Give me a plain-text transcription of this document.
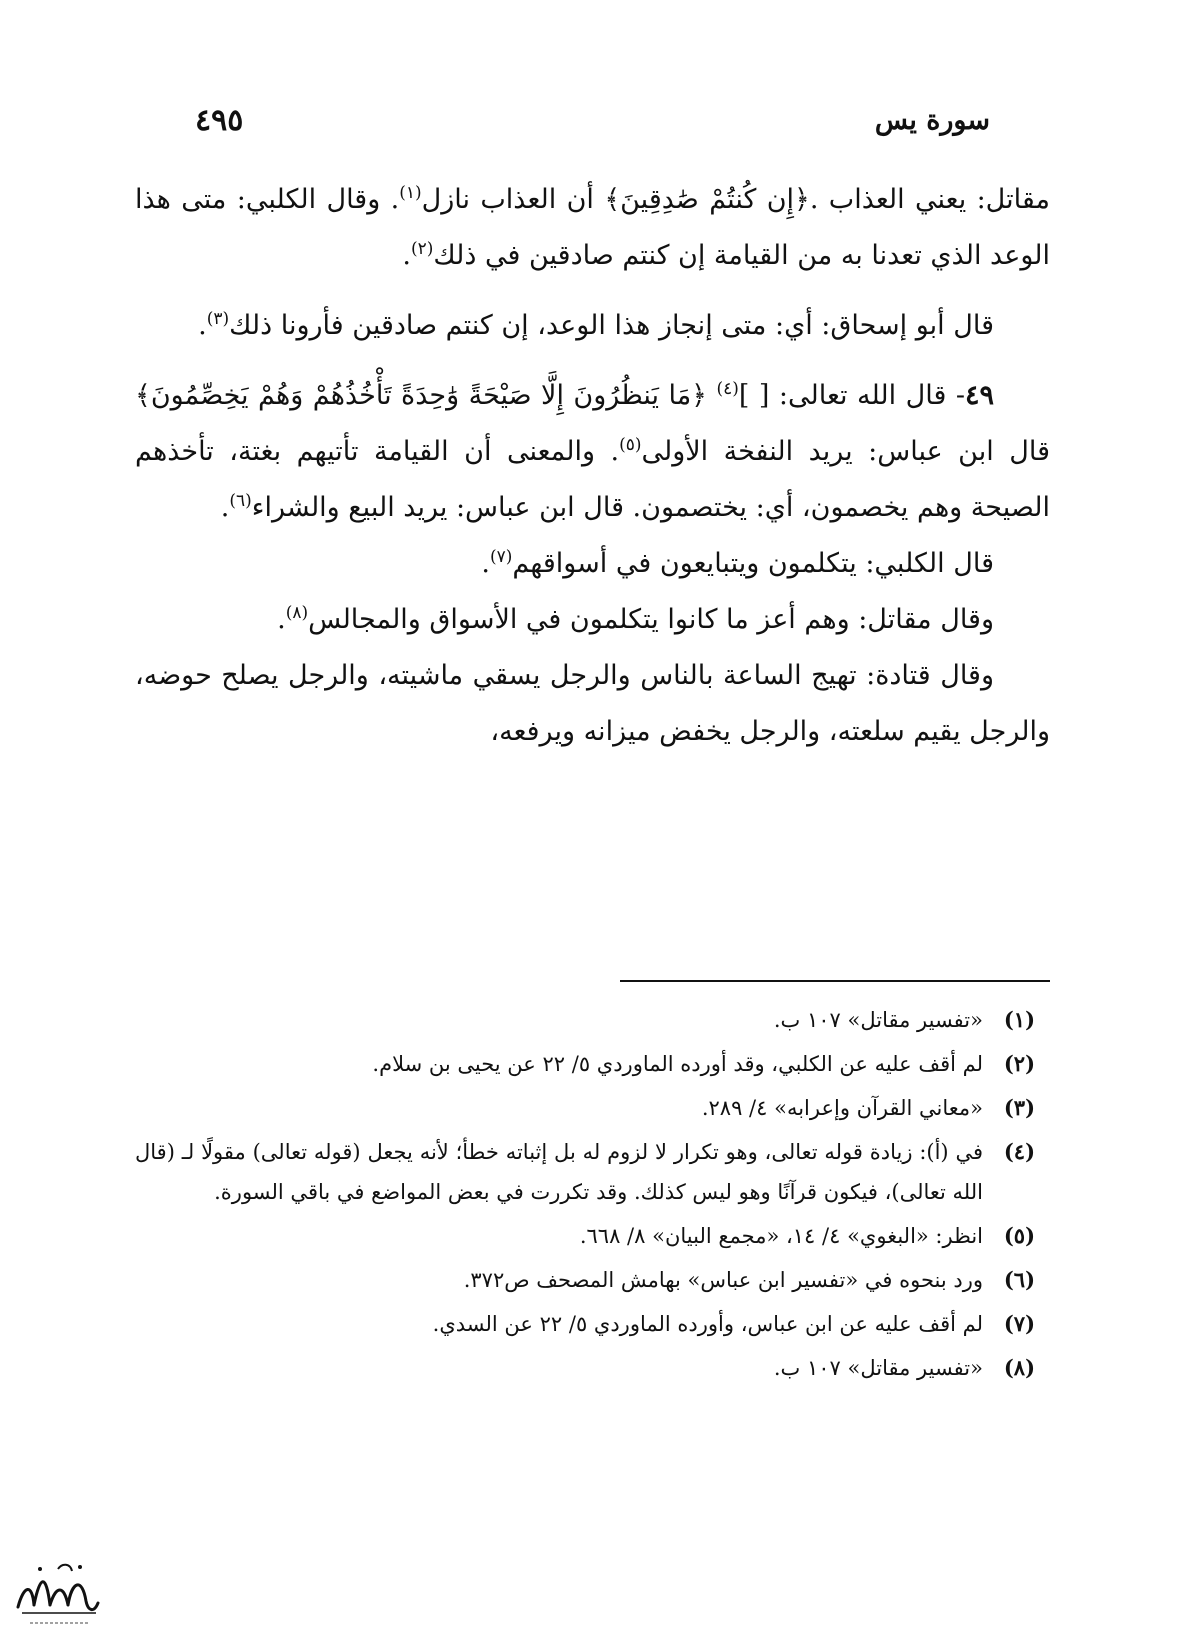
سورة يس
٤٩٥

مقاتل: يعني العذاب .﴿إِن كُنتُمْ صَٰدِقِينَ﴾ أن العذاب نازل$^{(١)}$. وقال الكلبي: متى هذا الوعد الذي تعدنا به من القيامة إن كنتم صادقين في ذلك$^{(٢)}$.

قال أبو إسحاق: أي: متى إنجاز هذا الوعد، إن كنتم صادقين فأرونا ذلك$^{(٣)}$.

٤٩- قال الله تعالى: [ ]$^{(٤)}$ ﴿مَا يَنظُرُونَ إِلَّا صَيْحَةً وَٰحِدَةً تَأْخُذُهُمْ وَهُمْ يَخِصِّمُونَ﴾ قال ابن عباس: يريد النفخة الأولى$^{(٥)}$. والمعنى أن القيامة تأتيهم بغتة، تأخذهم الصيحة وهم يخصمون، أي: يختصمون. قال ابن عباس: يريد البيع والشراء$^{(٦)}$.

قال الكلبي: يتكلمون ويتبايعون في أسواقهم$^{(٧)}$.

وقال مقاتل: وهم أعز ما كانوا يتكلمون في الأسواق والمجالس$^{(٨)}$.

وقال قتادة: تهيج الساعة بالناس والرجل يسقي ماشيته، والرجل يصلح حوضه، والرجل يقيم سلعته، والرجل يخفض ميزانه ويرفعه،

(١)
«تفسير مقاتل» ١٠٧ ب.
(٢)
لم أقف عليه عن الكلبي، وقد أورده الماوردي ٥/ ٢٢ عن يحيى بن سلام.
(٣)
«معاني القرآن وإعرابه» ٤/ ٢٨٩.
(٤)
في (أ): زيادة قوله تعالى، وهو تكرار لا لزوم له بل إثباته خطأ؛ لأنه يجعل (قوله تعالى) مقولًا لـ (قال الله تعالى)، فيكون قرآنًا وهو ليس كذلك. وقد تكررت في بعض المواضع في باقي السورة.
(٥)
انظر: «البغوي» ٤/ ١٤، «مجمع البيان» ٨/ ٦٦٨.
(٦)
ورد بنحوه في «تفسير ابن عباس» بهامش المصحف ص٣٧٢.
(٧)
لم أقف عليه عن ابن عباس، وأورده الماوردي ٥/ ٢٢ عن السدي.
(٨)
«تفسير مقاتل» ١٠٧ ب.
